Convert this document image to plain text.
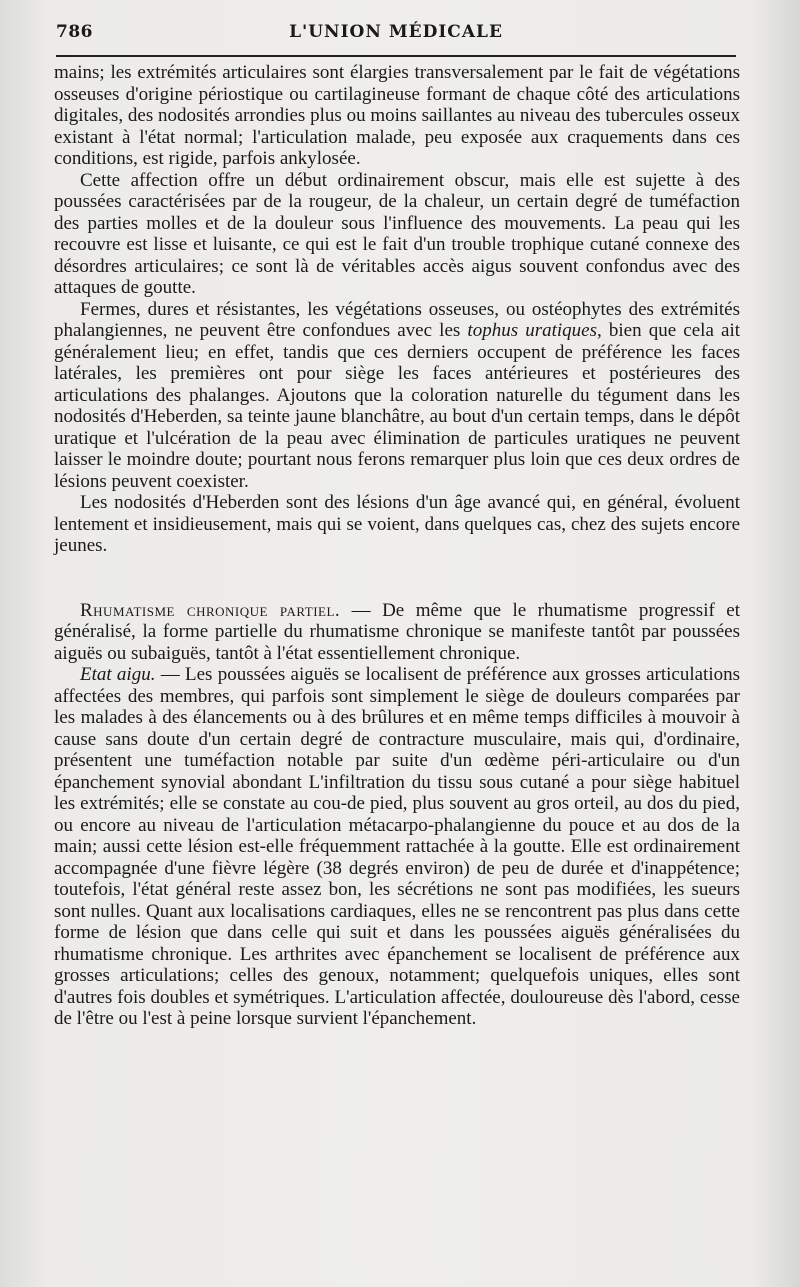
786	L'UNION MÉDICALE

mains; les extrémités articulaires sont élargies transversalement par le fait de végétations osseuses d'origine périostique ou cartilagineuse formant de chaque côté des articulations digitales, des nodosités arrondies plus ou moins saillantes au niveau des tubercules osseux existant à l'état normal; l'articulation malade, peu exposée aux craquements dans ces conditions, est rigide, parfois ankylosée.

Cette affection offre un début ordinairement obscur, mais elle est sujette à des poussées caractérisées par de la rougeur, de la chaleur, un certain degré de tuméfaction des parties molles et de la douleur sous l'influence des mouvements. La peau qui les recouvre est lisse et luisante, ce qui est le fait d'un trouble trophique cutané connexe des désordres articulaires; ce sont là de véritables accès aigus souvent confondus avec des attaques de goutte.

Fermes, dures et résistantes, les végétations osseuses, ou ostéophytes des extrémités phalangiennes, ne peuvent être confondues avec les tophus uratiques, bien que cela ait généralement lieu; en effet, tandis que ces derniers occupent de préférence les faces latérales, les premières ont pour siège les faces antérieures et postérieures des articulations des phalanges. Ajoutons que la coloration naturelle du tégument dans les nodosités d'Heberden, sa teinte jaune blanchâtre, au bout d'un certain temps, dans le dépôt uratique et l'ulcération de la peau avec élimination de particules uratiques ne peuvent laisser le moindre doute; pourtant nous ferons remarquer plus loin que ces deux ordres de lésions peuvent coexister.

Les nodosités d'Heberden sont des lésions d'un âge avancé qui, en général, évoluent lentement et insidieusement, mais qui se voient, dans quelques cas, chez des sujets encore jeunes.

Rhumatisme chronique partiel. — De même que le rhumatisme progressif et généralisé, la forme partielle du rhumatisme chronique se manifeste tantôt par poussées aiguës ou subaiguës, tantôt à l'état essentiellement chronique.

Etat aigu. — Les poussées aiguës se localisent de préférence aux grosses articulations affectées des membres, qui parfois sont simplement le siège de douleurs comparées par les malades à des élancements ou à des brûlures et en même temps difficiles à mouvoir à cause sans doute d'un certain degré de contracture musculaire, mais qui, d'ordinaire, présentent une tuméfaction notable par suite d'un œdème péri-articulaire ou d'un épanchement synovial abondant L'infiltration du tissu sous cutané a pour siège habituel les extrémités; elle se constate au cou-de pied, plus souvent au gros orteil, au dos du pied, ou encore au niveau de l'articulation métacarpo-phalangienne du pouce et au dos de la main; aussi cette lésion est-elle fréquemment rattachée à la goutte. Elle est ordinairement accompagnée d'une fièvre légère (38 degrés environ) de peu de durée et d'inappétence; toutefois, l'état général reste assez bon, les sécrétions ne sont pas modifiées, les sueurs sont nulles. Quant aux localisations cardiaques, elles ne se rencontrent pas plus dans cette forme de lésion que dans celle qui suit et dans les poussées aiguës généralisées du rhumatisme chronique. Les arthrites avec épanchement se localisent de préférence aux grosses articulations; celles des genoux, notamment; quelquefois uniques, elles sont d'autres fois doubles et symétriques. L'articulation affectée, douloureuse dès l'abord, cesse de l'être ou l'est à peine lorsque survient l'épanchement.
